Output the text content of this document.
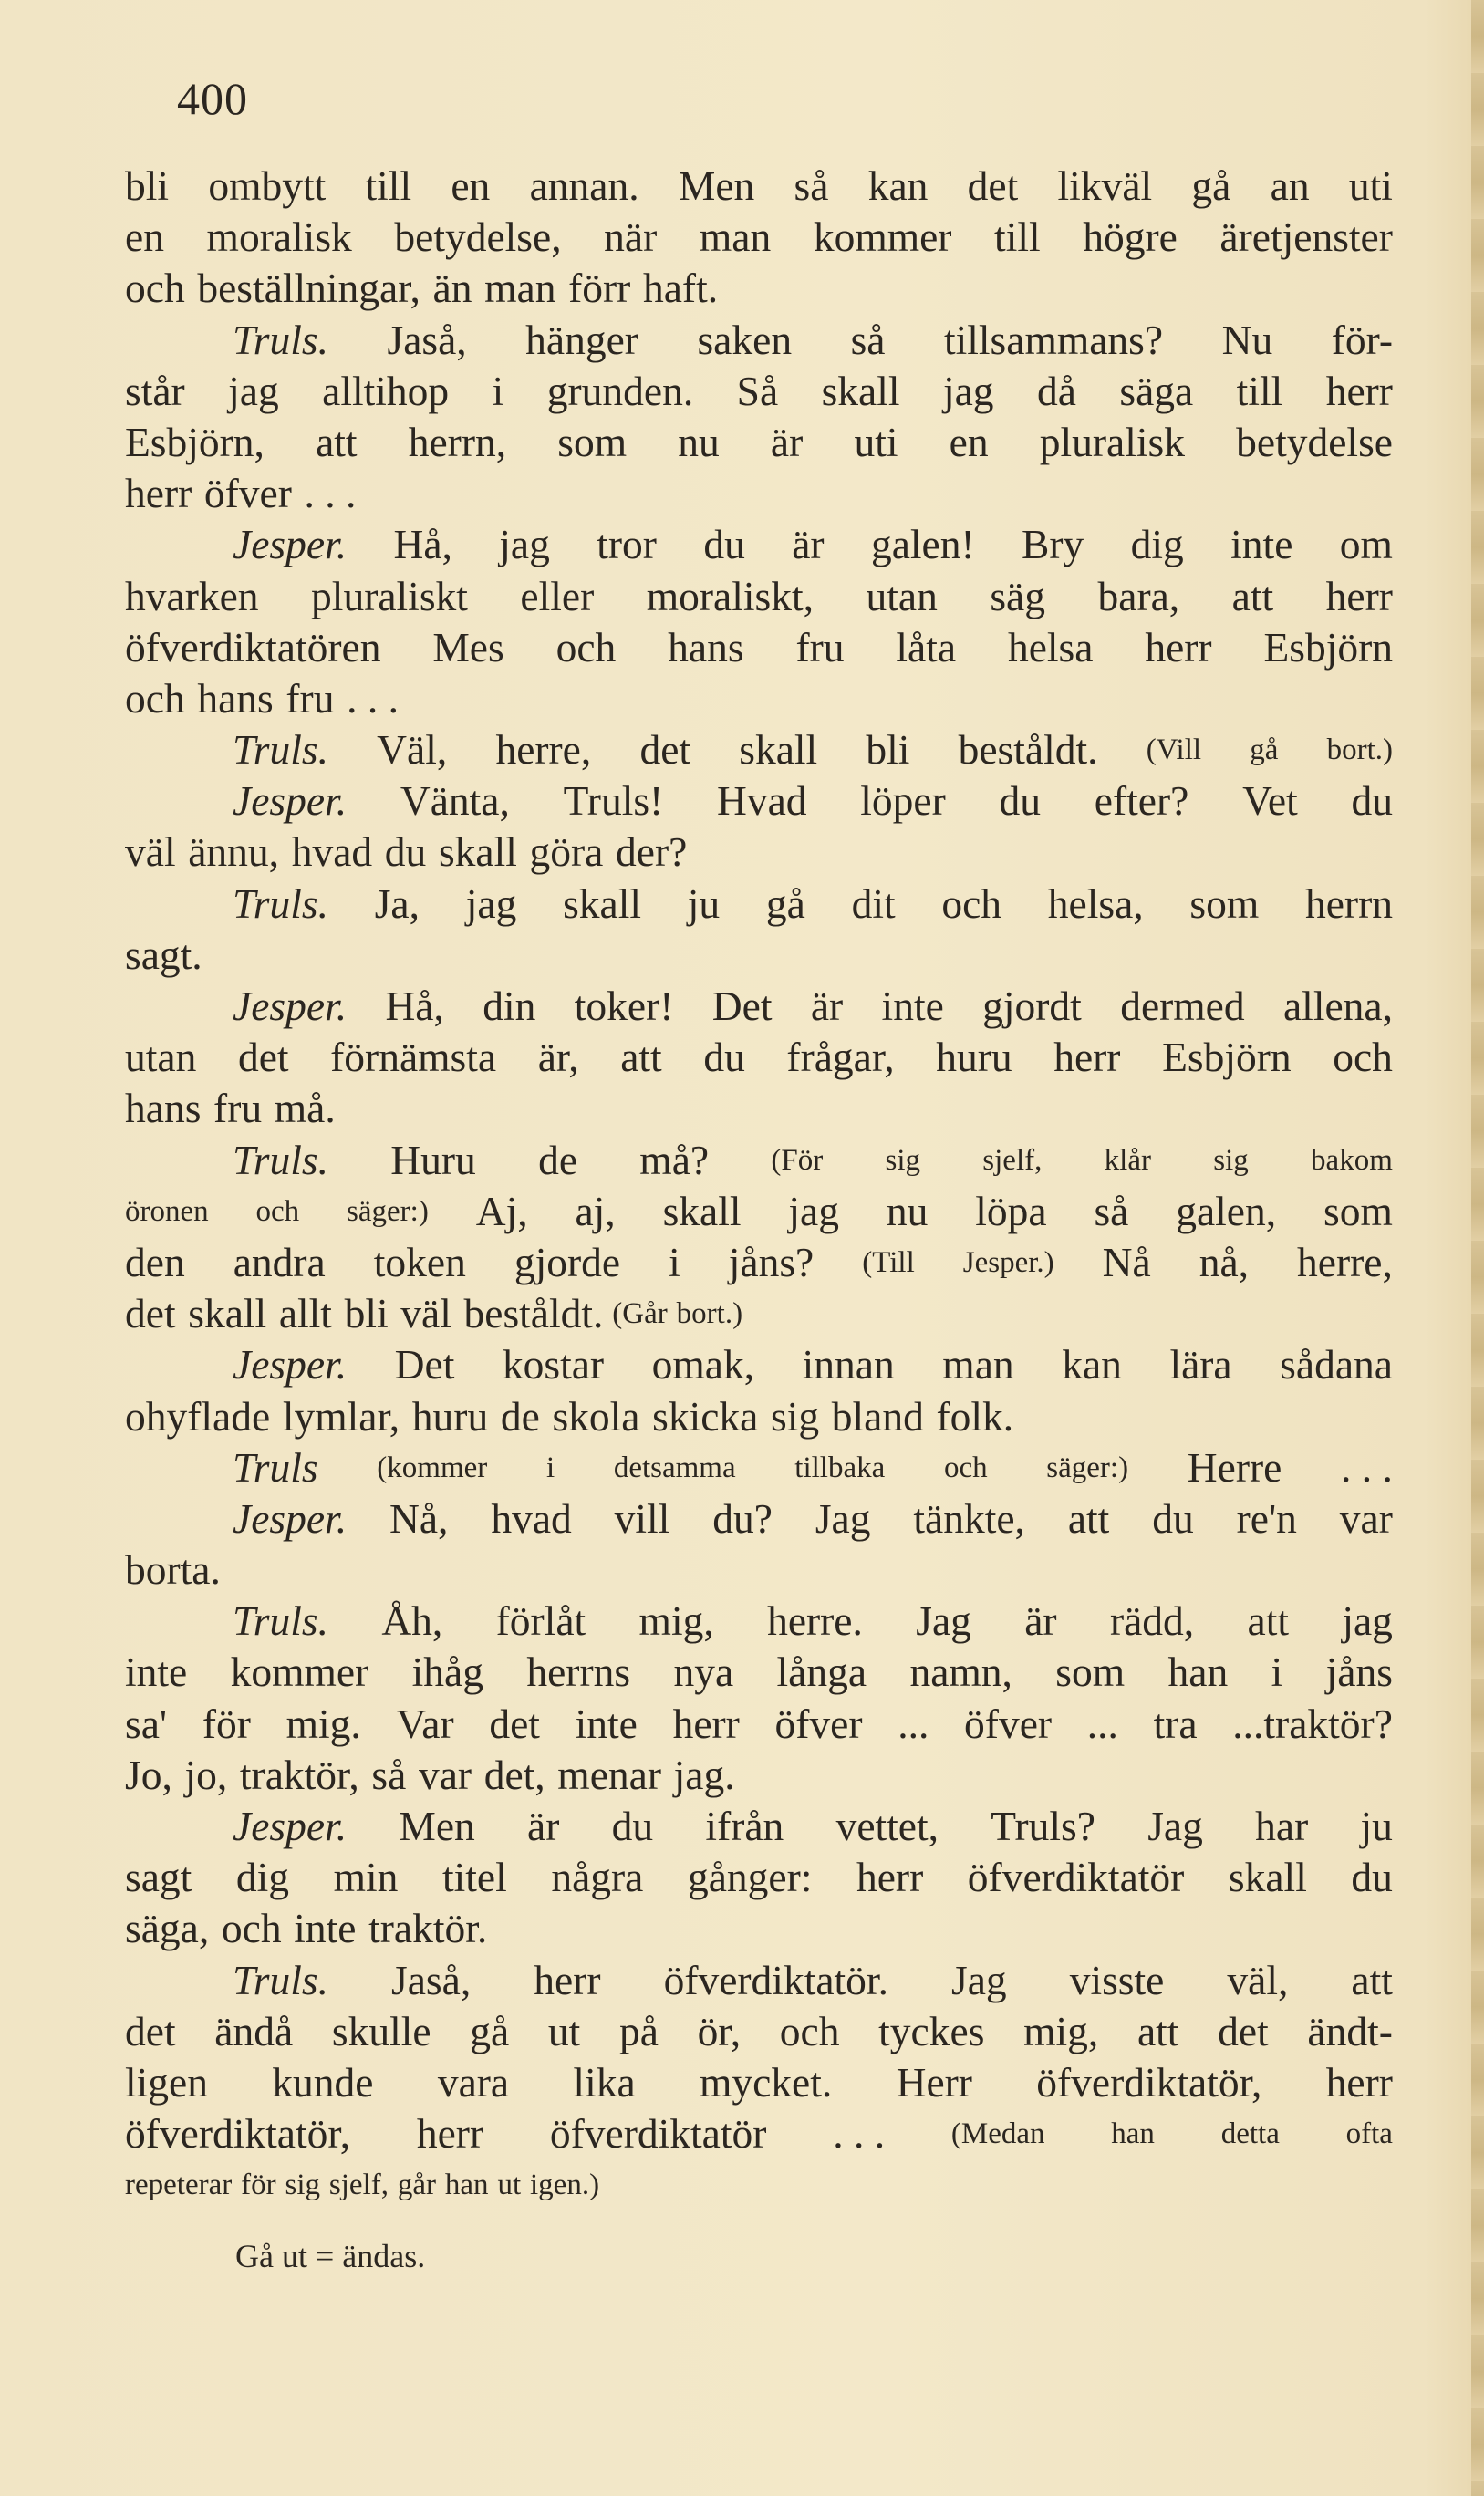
400
bli ombytt till en annan. Men så kan det likväl gå an uti
en moralisk betydelse, när man kommer till högre äretjenster
och beställningar, än man förr haft.
Truls. Jaså, hänger saken så tillsammans? Nu för-
står jag alltihop i grunden. Så skall jag då säga till herr
Esbjörn, att herrn, som nu är uti en pluralisk betydelse
herr öfver . . .
Jesper. Hå, jag tror du är galen! Bry dig inte om
hvarken pluraliskt eller moraliskt, utan säg bara, att herr
öfverdiktatören Mes och hans fru låta helsa herr Esbjörn
och hans fru . . .
Truls. Väl, herre, det skall bli beståldt. (Vill gå bort.)
Jesper. Vänta, Truls! Hvad löper du efter? Vet du
väl ännu, hvad du skall göra der?
Truls. Ja, jag skall ju gå dit och helsa, som herrn
sagt.
Jesper. Hå, din toker! Det är inte gjordt dermed allena,
utan det förnämsta är, att du frågar, huru herr Esbjörn och
hans fru må.
Truls. Huru de må? (För sig sjelf, klår sig bakom
öronen och säger:) Aj, aj, skall jag nu löpa så galen, som
den andra token gjorde i jåns? (Till Jesper.) Nå nå, herre,
det skall allt bli väl beståldt. (Går bort.)
Jesper. Det kostar omak, innan man kan lära sådana
ohyflade lymlar, huru de skola skicka sig bland folk.
Truls (kommer i detsamma tillbaka och säger:) Herre . . .
Jesper. Nå, hvad vill du? Jag tänkte, att du re'n var
borta.
Truls. Åh, förlåt mig, herre. Jag är rädd, att jag
inte kommer ihåg herrns nya långa namn, som han i jåns
sa' för mig. Var det inte herr öfver ... öfver ... tra ...traktör?
Jo, jo, traktör, så var det, menar jag.
Jesper. Men är du ifrån vettet, Truls? Jag har ju
sagt dig min titel några gånger: herr öfverdiktatör skall du
säga, och inte traktör.
Truls. Jaså, herr öfverdiktatör. Jag visste väl, att
det ändå skulle gå ut på ör, och tyckes mig, att det ändt-
ligen kunde vara lika mycket. Herr öfverdiktatör, herr
öfverdiktatör, herr öfverdiktatör . . . (Medan han detta ofta
repeterar för sig sjelf, går han ut igen.)
Gå ut = ändas.
